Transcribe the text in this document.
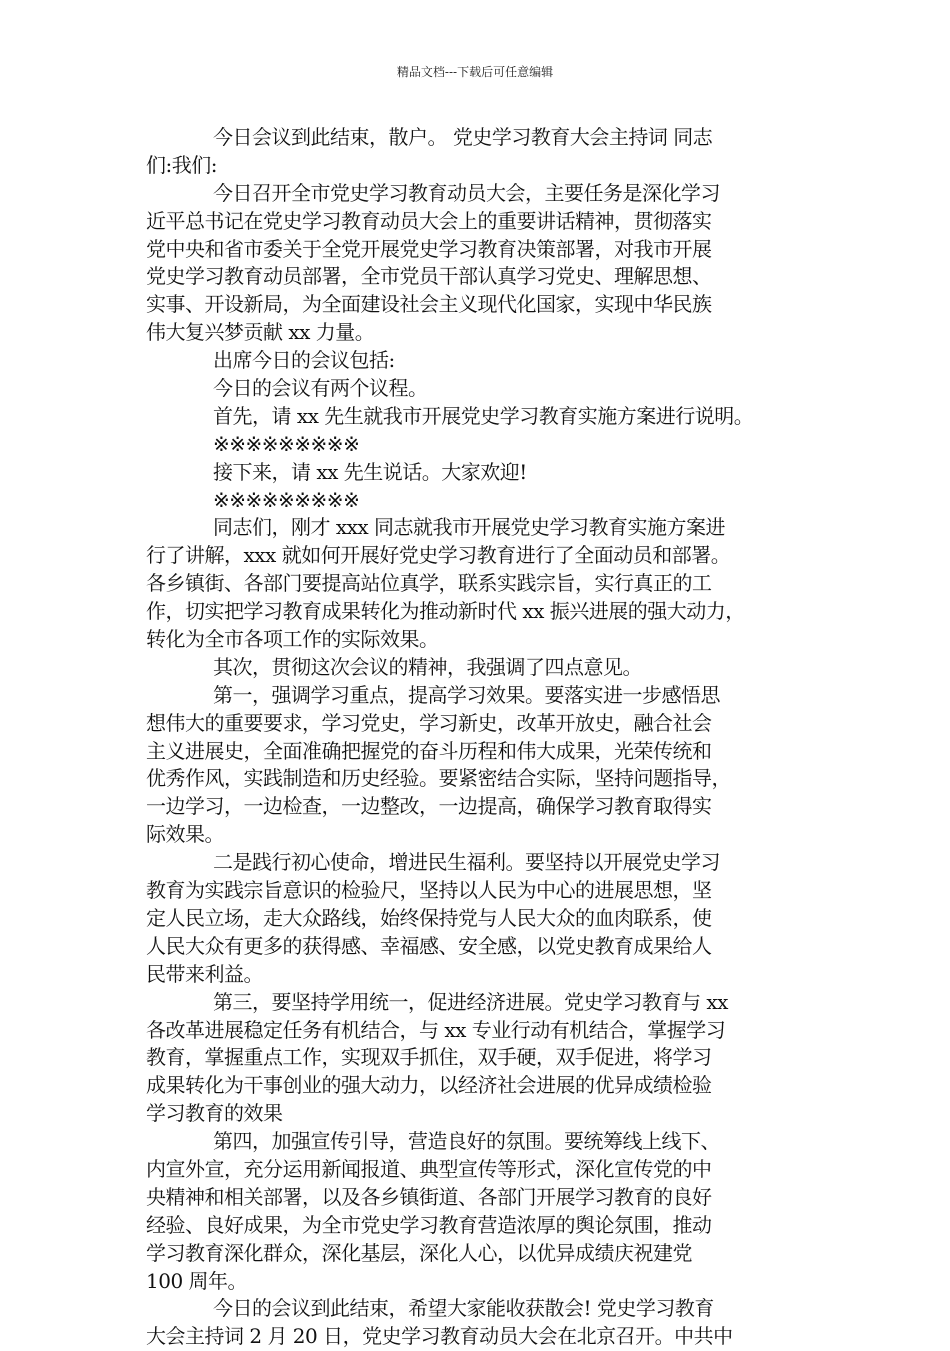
精品文档---下载后可任意编辑
今日会议到此结束，散户。 党史学习教育大会主持词 同志
们:我们:
今日召开全市党史学习教育动员大会，主要任务是深化学习
近平总书记在党史学习教育动员大会上的重要讲话精神，贯彻落实
党中央和省市委关于全党开展党史学习教育决策部署，对我市开展
党史学习教育动员部署，全市党员干部认真学习党史、理解思想、
实事、开设新局，为全面建设社会主义现代化国家，实现中华民族
伟大复兴梦贡献 xx 力量。
出席今日的会议包括:
今日的会议有两个议程。
首先，请 xx 先生就我市开展党史学习教育实施方案进行说明。
※※※※※※※※※
接下来，请 xx 先生说话。大家欢迎!
※※※※※※※※※
同志们，刚才 xxx 同志就我市开展党史学习教育实施方案进
行了讲解，xxx 就如何开展好党史学习教育进行了全面动员和部署。
各乡镇街、各部门要提高站位真学，联系实践宗旨，实行真正的工
作，切实把学习教育成果转化为推动新时代 xx 振兴进展的强大动力，
转化为全市各项工作的实际效果。
其次，贯彻这次会议的精神，我强调了四点意见。
第一，强调学习重点，提高学习效果。要落实进一步感悟思
想伟大的重要要求，学习党史，学习新史，改革开放史，融合社会
主义进展史，全面准确把握党的奋斗历程和伟大成果，光荣传统和
优秀作风，实践制造和历史经验。要紧密结合实际，坚持问题指导，
一边学习，一边检查，一边整改，一边提高，确保学习教育取得实
际效果。
二是践行初心使命，增进民生福利。要坚持以开展党史学习
教育为实践宗旨意识的检验尺，坚持以人民为中心的进展思想，坚
定人民立场，走大众路线，始终保持党与人民大众的血肉联系，使
人民大众有更多的获得感、幸福感、安全感，以党史教育成果给人
民带来利益。
第三，要坚持学用统一，促进经济进展。党史学习教育与 xx
各改革进展稳定任务有机结合，与 xx 专业行动有机结合，掌握学习
教育，掌握重点工作，实现双手抓住，双手硬，双手促进，将学习
成果转化为干事创业的强大动力，以经济社会进展的优异成绩检验
学习教育的效果
第四，加强宣传引导，营造良好的氛围。要统筹线上线下、
内宣外宣，充分运用新闻报道、典型宣传等形式，深化宣传党的中
央精神和相关部署，以及各乡镇街道、各部门开展学习教育的良好
经验、良好成果，为全市党史学习教育营造浓厚的舆论氛围，推动
学习教育深化群众，深化基层，深化人心，以优异成绩庆祝建党
100 周年。
今日的会议到此结束，希望大家能收获散会! 党史学习教育
大会主持词 2 月 20 日，党史学习教育动员大会在北京召开。中共中
